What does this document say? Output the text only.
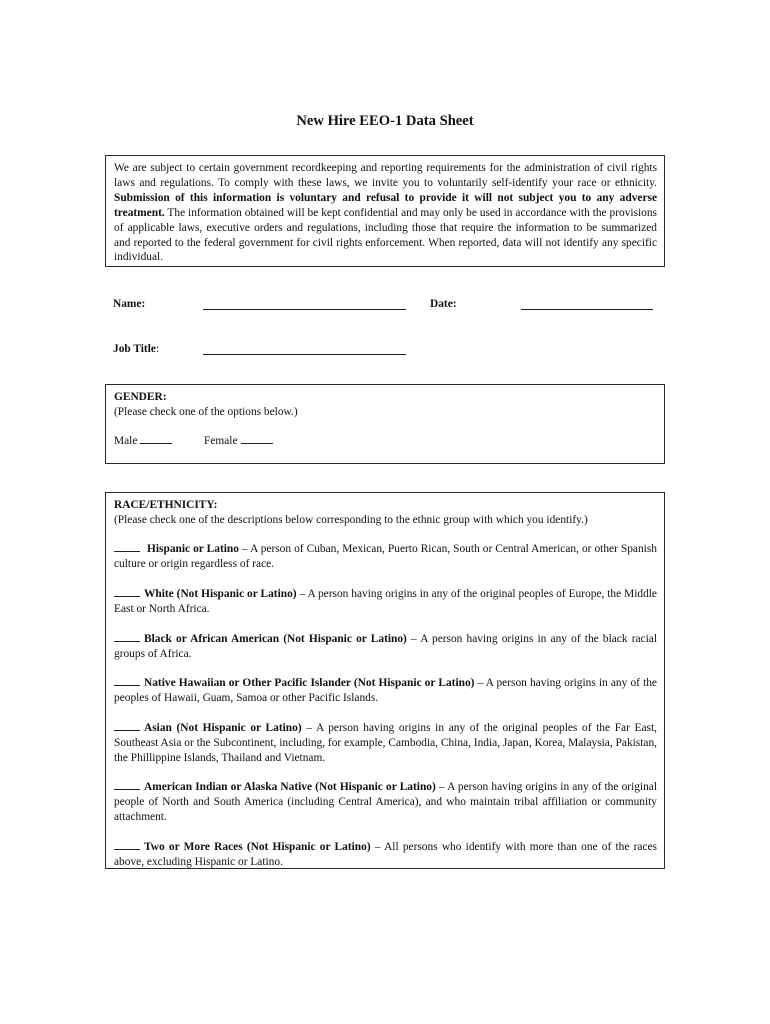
New Hire EEO-1 Data Sheet

We are subject to certain government recordkeeping and reporting requirements for the administration of civil rights laws and regulations. To comply with these laws, we invite you to voluntarily self-identify your race or ethnicity. Submission of this information is voluntary and refusal to provide it will not subject you to any adverse treatment. The information obtained will be kept confidential and may only be used in accordance with the provisions of applicable laws, executive orders and regulations, including those that require the information to be summarized and reported to the federal government for civil rights enforcement. When reported, data will not identify any specific individual.

Name:	Date:
Job Title:

GENDER:

(Please check one of the options below.)

Male	Female

RACE/ETHNICITY:

(Please check one of the descriptions below corresponding to the ethnic group with which you identify.)

Hispanic or Latino – A person of Cuban, Mexican, Puerto Rican, South or Central American, or other Spanish culture or origin regardless of race.

White (Not Hispanic or Latino) – A person having origins in any of the original peoples of Europe, the Middle East or North Africa.

Black or African American (Not Hispanic or Latino) – A person having origins in any of the black racial groups of Africa.

Native Hawaiian or Other Pacific Islander (Not Hispanic or Latino) – A person having origins in any of the peoples of Hawaii, Guam, Samoa or other Pacific Islands.

Asian (Not Hispanic or Latino) – A person having origins in any of the original peoples of the Far East, Southeast Asia or the Subcontinent, including, for example, Cambodia, China, India, Japan, Korea, Malaysia, Pakistan, the Phillippine Islands, Thailand and Vietnam.

American Indian or Alaska Native (Not Hispanic or Latino) – A person having origins in any of the original people of North and South America (including Central America), and who maintain tribal affiliation or community attachment.

Two or More Races (Not Hispanic or Latino) – All persons who identify with more than one of the races above, excluding Hispanic or Latino.
